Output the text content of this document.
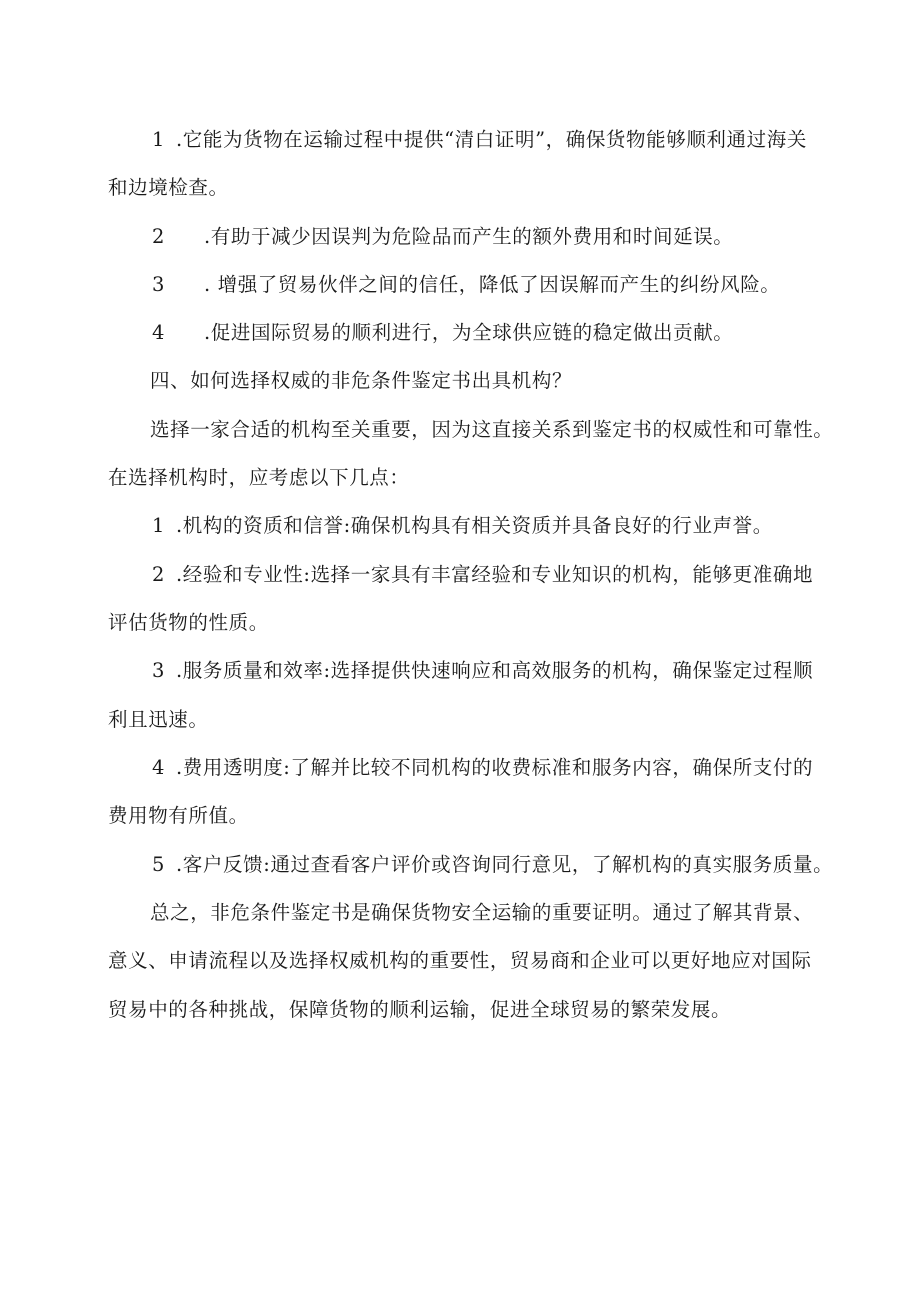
1 .它能为货物在运输过程中提供“清白证明”，确保货物能够顺利通过海关
和边境检查。
2 .有助于减少因误判为危险品而产生的额外费用和时间延误。
3 . 增强了贸易伙伴之间的信任，降低了因误解而产生的纠纷风险。
4 .促进国际贸易的顺利进行，为全球供应链的稳定做出贡献。
四、如何选择权威的非危条件鉴定书出具机构？
选择一家合适的机构至关重要，因为这直接关系到鉴定书的权威性和可靠性。
在选择机构时，应考虑以下几点：
1 .机构的资质和信誉:确保机构具有相关资质并具备良好的行业声誉。
2 .经验和专业性:选择一家具有丰富经验和专业知识的机构，能够更准确地
评估货物的性质。
3 .服务质量和效率:选择提供快速响应和高效服务的机构，确保鉴定过程顺
利且迅速。
4 .费用透明度:了解并比较不同机构的收费标准和服务内容，确保所支付的
费用物有所值。
5 .客户反馈:通过查看客户评价或咨询同行意见，了解机构的真实服务质量。
总之，非危条件鉴定书是确保货物安全运输的重要证明。通过了解其背景、
意义、申请流程以及选择权威机构的重要性，贸易商和企业可以更好地应对国际
贸易中的各种挑战，保障货物的顺利运输，促进全球贸易的繁荣发展。
